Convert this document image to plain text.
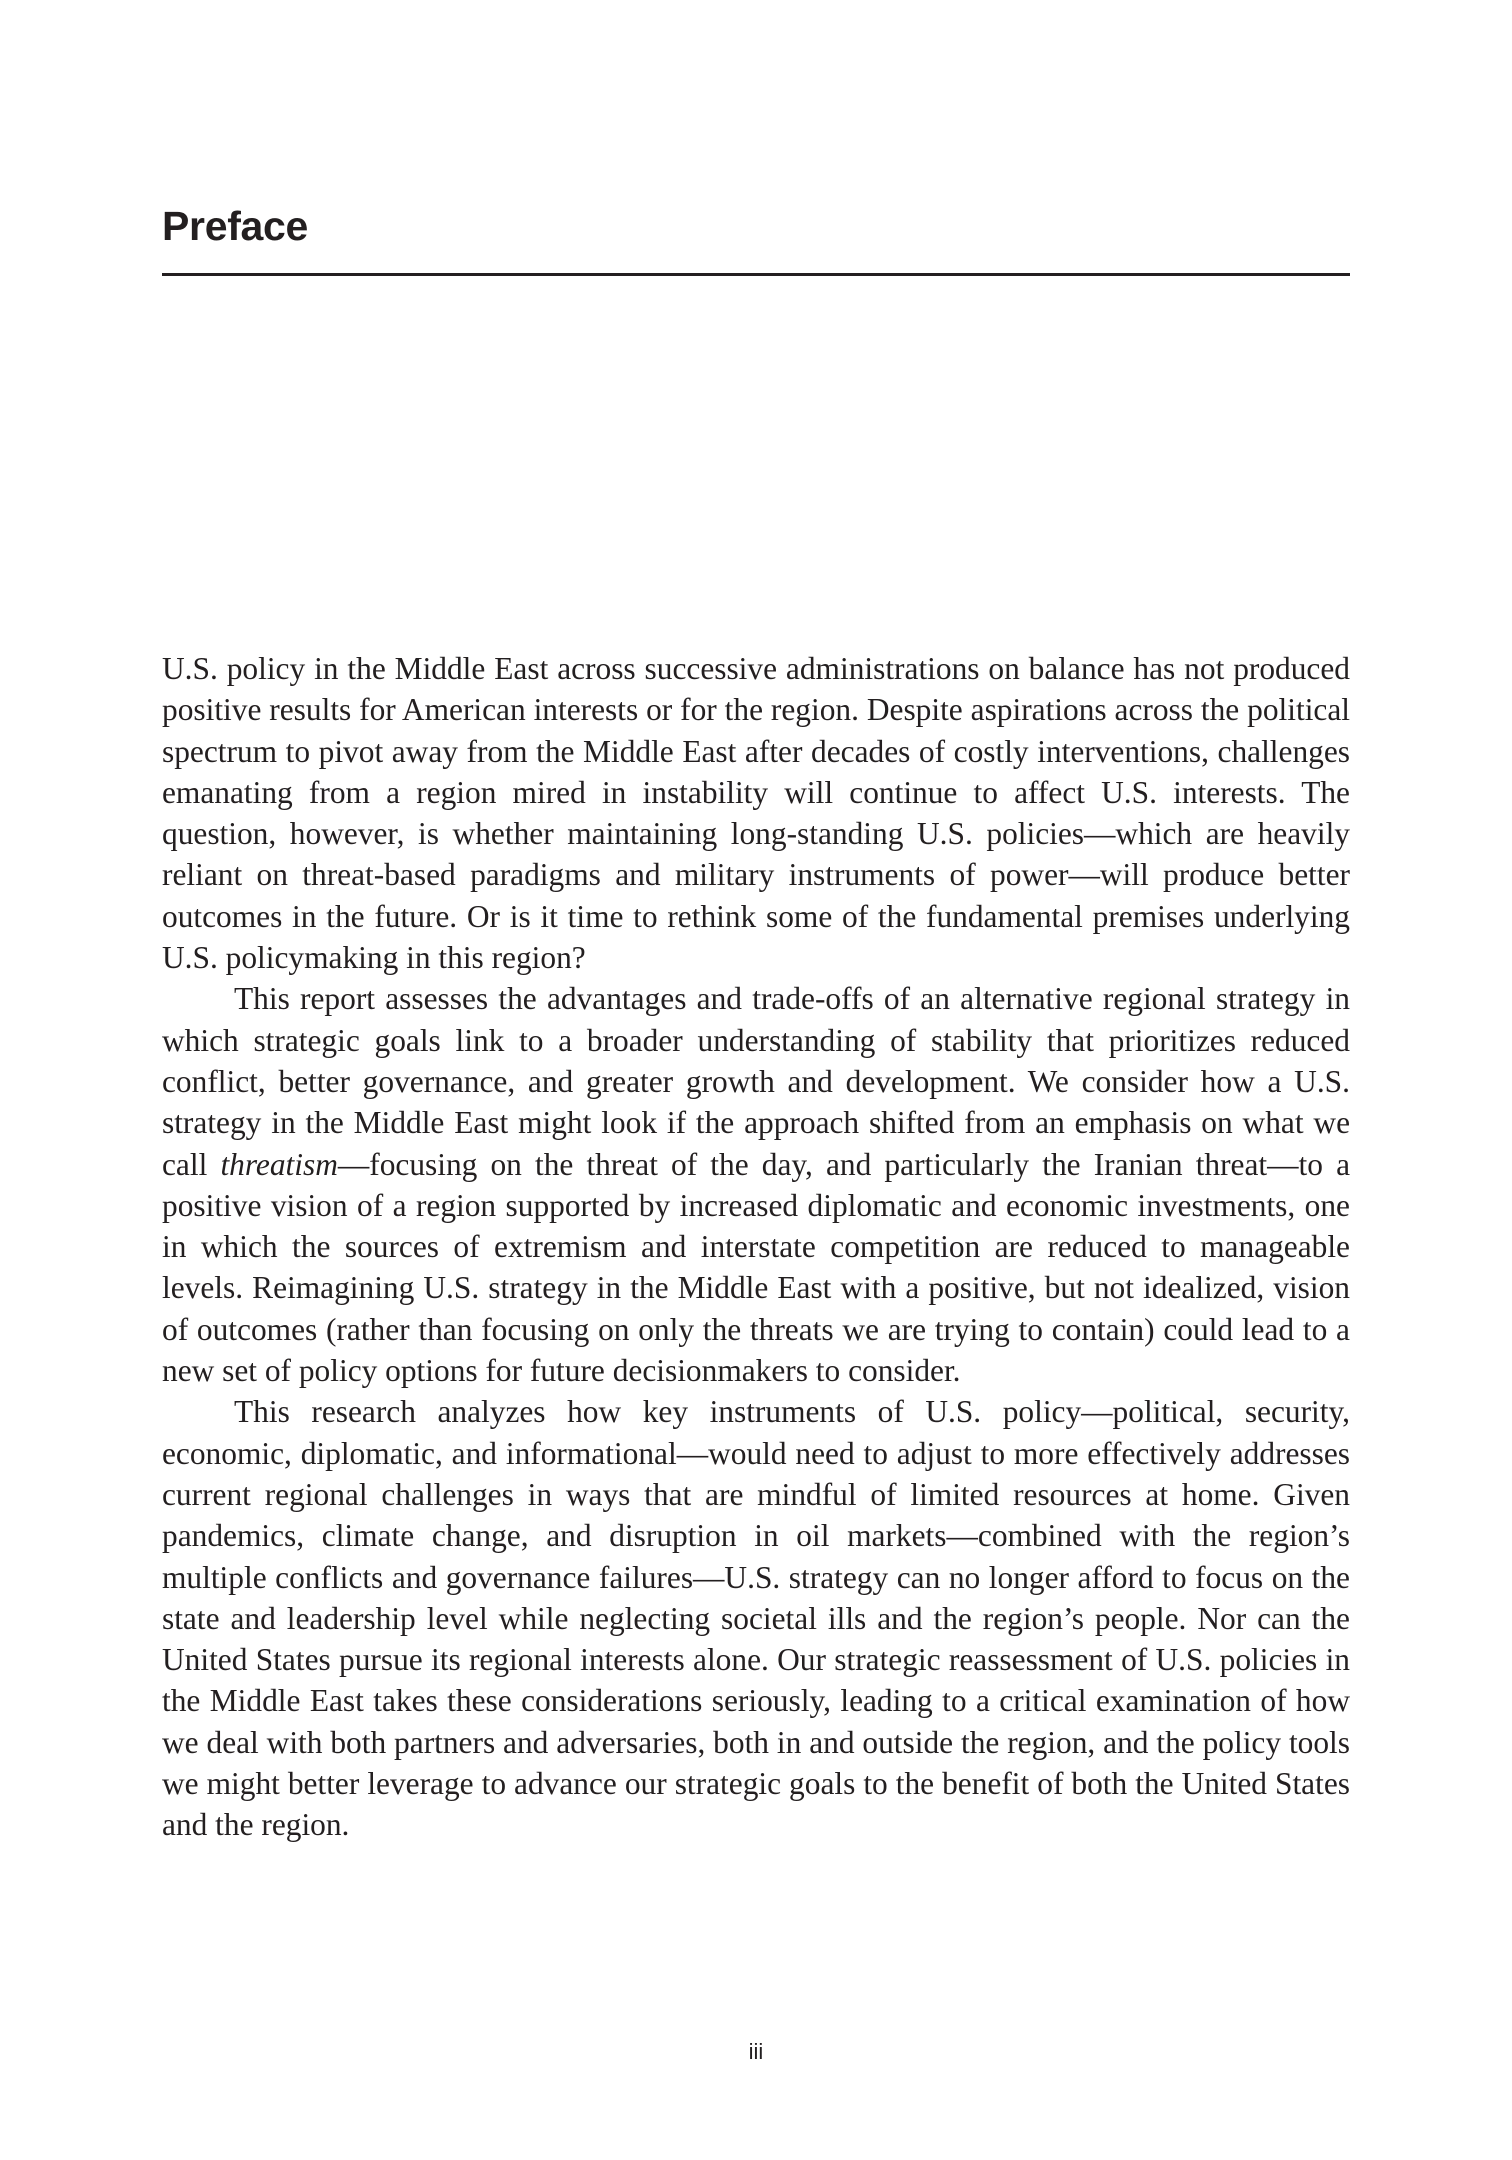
Preface

U.S. policy in the Middle East across successive administrations on balance has not produced positive results for American interests or for the region. Despite aspirations across the political spectrum to pivot away from the Middle East after decades of costly interventions, challenges emanating from a region mired in instability will continue to affect U.S. interests. The question, however, is whether maintaining long-standing U.S. policies—which are heavily reliant on threat-based paradigms and military instruments of power—will produce better outcomes in the future. Or is it time to rethink some of the fundamental premises underlying U.S. policymaking in this region?

This report assesses the advantages and trade-offs of an alternative regional strategy in which strategic goals link to a broader understanding of stability that prioritizes reduced conflict, better governance, and greater growth and development. We consider how a U.S. strategy in the Middle East might look if the approach shifted from an emphasis on what we call threatism—focusing on the threat of the day, and particularly the Iranian threat—to a positive vision of a region supported by increased diplomatic and economic investments, one in which the sources of extremism and interstate competition are reduced to manageable levels. Reimagining U.S. strategy in the Middle East with a positive, but not idealized, vision of outcomes (rather than focusing on only the threats we are trying to contain) could lead to a new set of policy options for future decisionmakers to consider.

This research analyzes how key instruments of U.S. policy—political, security, economic, diplomatic, and informational—would need to adjust to more effectively addresses current regional challenges in ways that are mindful of limited resources at home. Given pandemics, climate change, and disruption in oil markets—combined with the region’s multiple conflicts and governance failures—U.S. strategy can no longer afford to focus on the state and leadership level while neglecting societal ills and the region’s people. Nor can the United States pursue its regional interests alone. Our strategic reassessment of U.S. policies in the Middle East takes these considerations seriously, leading to a critical examination of how we deal with both partners and adversaries, both in and outside the region, and the policy tools we might better leverage to advance our strategic goals to the benefit of both the United States and the region.

iii
